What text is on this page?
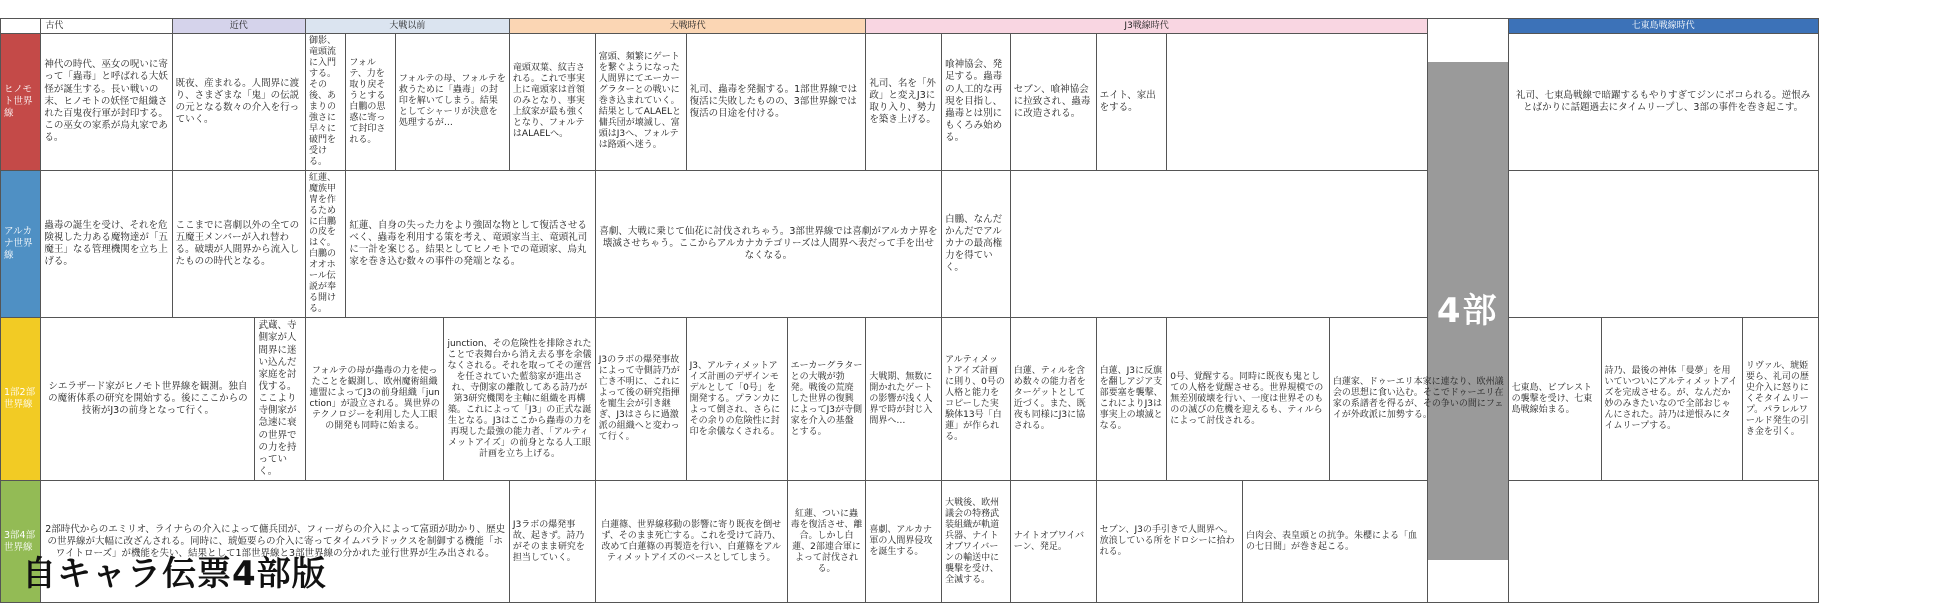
	古代	近代		大戦以前				大戦時代				J3戦線時代							4部	七東島戦線時代		
ヒノモト世界線	神代の時代、巫女の呪いに寄って「蟲毒」と呼ばれる大妖怪が誕生する。長い戦いの末、ヒノモトの妖怪で組織された百鬼夜行軍が封印する。この巫女の家系が烏丸家である。	既夜、産まれる。人間界に渡り、さまざまな「鬼」の伝説の元となる数々の介入を行っていく。		御影、竜頭流に入門する。その後、あまりの強さに早々に破門を受ける。	フォルテ、力を取り戻そうとする白鵬の思惑に寄って封印される。	フォルテの母、フォルテを救うために「蟲毒」の封印を解いてしまう。結果としてシャーリが決意を処理するが…		竜頭双葉、紋吉される。これで事実上に竜頭家は首領のみとなり、事実上紋家が最も強くとなり、フォルテはALAELへ。	富頭、頻繁にゲートを繋ぐようになった人間界にてエーカーグラターとの戦いに巻き込まれていく。結果としてALAELと傭兵団が壊滅し、富頭はJ3へ、フォルテは路頭へ迷う。	礼司、蟲毒を発掘する。1部世界線では復活に失敗したものの、3部世界線では復活の目途を付ける。		礼司、名を「外政」と変えJ3に取り入り、勢力を築き上げる。	喰神協会、発足する。蟲毒の人工的な再現を目指し、蟲毒とは別にもくろみ始める。	セブン、喰神協会に拉致され、蟲毒に改造される。	エイト、家出をする。					礼司、七東島戦線で暗躍するもやりすぎてジンにボコられる。逆恨みとばかりに話題過去にタイムリープし、3部の事件を巻き起こす。		
アルカナ世界線	蟲毒の誕生を受け、それを危険視した力ある魔物達が「五魔王」なる管理機関を立ち上げる。	ここまでに喜劇以外の全ての五魔王メンバーが入れ替わる。破壊が人間界から流入したものの時代となる。		紅蓮、魔族甲冑を作るために白鵬の皮をはぐ。白鵬のオオホール伝説が奉る開ける。	紅蓮、自身の失った力をより強固な物として復活させるべく、蟲毒を利用する策を考え、竜頭家当主、竜頭礼司に一計を案じる。結果としてヒノモトでの竜頭家、烏丸家を巻き込む数々の事件の発端となる。				喜劇、大戦に乗じて仙花に討伐されちゃう。3部世界線では喜劇がアルカナ界を壊滅させちゃう。ここからアルカナカテゴリーズは人間界へ表だって手を出せなくなる。				白鵬、なんだかんだでアルカナの最高権力を得ていく。									
1部2部世界線	シエラザード家がヒノモト世界線を観測。独自の魔術体系の研究を開始する。後にここからの技術がJ3の前身となって行く。		武蔵、寺側家が人間界に迷い込んだ家庭を討伐する。ここより寺側家が急速に衰の世界での力を持っていく。	フォルテの母が蟲毒の力を使ったことを観測し、欧州魔術組織連盟によってJ3の前身組織「junction」が設立される。異世界のテクノロジーを利用した人工眼の開発も同時に始まる。			junction、その危険性を排除されたことで表舞台から消え去る事を余儀なくされる。それを取ってその運営を任されていた藍翁家が進出され、寺側家の離散してある詩乃が第3研究機関を主軸に組織を再構築。これによって「J3」の正式な誕生となる。J3はここから蟲毒の力を再現した最強の能力者、「アルティメットアイズ」の前身となる人工眼計画を立ち上げる。		J3のラボの爆発事故によって寺側詩乃が亡き不明に、これによって後の研究指揮を寵生会が引き継ぎ、J3はさらに過激派の組織へと変わって行く。	J3、アルティメットアイズ計画のデザインモデルとして「0号」を開発する。プランカによって倒され、さらにその余りの危険性に封印を余儀なくされる。	エーカーグラターとの大戦が勃発。戦後の荒廃した世界の復興によってJ3が寺側家を介入の基盤とする。	大戦期、無数に開かれたゲートの影響が浅く人界で時が封じ入間界へ…	アルティメットアイズ計画に則り、0号の人格と能力をコピーした実験体13号「白蓮」が作られる。	白蓮、ティルを含め数々の能力者をターゲットとして近づく。また、既夜も同様にJ3に協される。	白蓮、J3に反旗を翻しアジア支部要塞を襲撃、これによりJ3は事実上の壊滅となる。	0号、覚醒する。同時に既夜も鬼としての人格を覚醒させる。世界規模での無差別破壊を行い、一度は世界そのものの滅びの危機を迎えるも、ティルらによって討伐される。		白蓮家、ドゥーエリ本家に連なり、欧州議会の思想に食い込む。そこでドゥーエリ在家の系譜者を得るが、その争いの間にフェイが外政派に加勢する。		七東島、ビブレストの襲撃を受け、七東島戦線始まる。	詩乃、最後の神体「曼夢」を用いていついにアルティメットアイズを完成させる。が、なんだか妙のみきたいなので全部おじゃんにされた。詩乃は逆恨みにタイムリープする。	リヴァル、琥姫要ら、礼司の歴史介入に怒りにくそタイムリープ。パラレルワールド発生の引き金を引く。
3部4部世界線	2部時代からのエミリオ、ライナらの介入によって傭兵団が、フィーガらの介入によって富頭が助かり、歴史の世界線が大幅に改ざんされる。同時に、琥姫要らの介入に寄ってタイムパラドックスを制御する機能「ホワイトローズ」が機能を失い、結果として1部世界線と3部世界線の分かれた並行世界が生み出される。							J3ラボの爆発事故、起きず。詩乃がそのまま研究を担当していく。	白蓮篠、世界線移動の影響に寄り既夜を倒せず、そのまま死亡する。これを受けて詩乃、改めて白蓮篠の再製造を行い、白蓮篠をアルティメットアイズのベースとしてしまう。		紅蓮、ついに蟲毒を復活させ、離合。しかし白蓮、2部連合軍によって討伐される。	喜劇、アルカナ軍の人間界侵攻を誕生する。	大戦後、欧州議会の特務武装組織が軌道兵器、ナイトオブワイバーンの輸送中に襲撃を受け、全滅する。	ナイトオブワイバーン、発足。	セブン、J3の手引きで人間界へ。放浪している所をドロシーに拾われる。		白肉会、表皇頭との抗争。朱櫻による「血の七日間」が巻き起こる。					
自キャラ伝票4部版
